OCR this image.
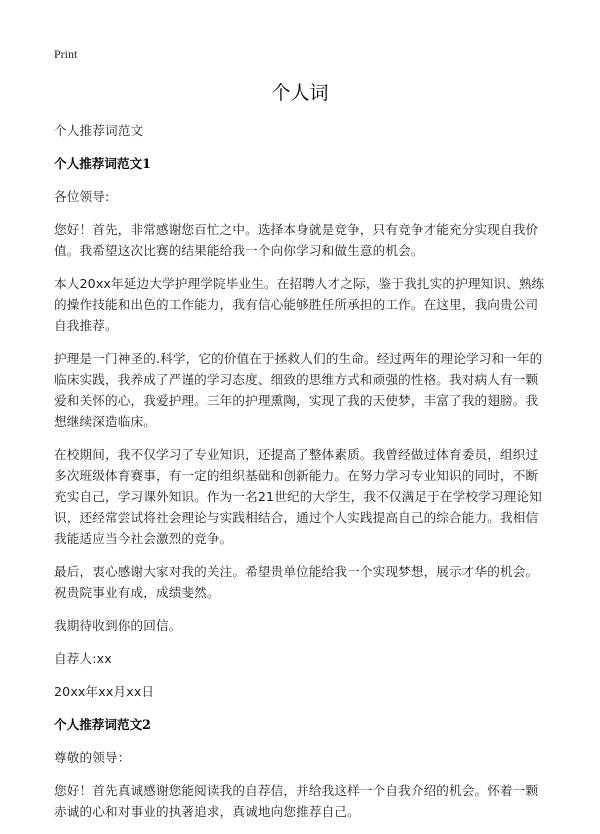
Print
个人词

个人推荐词范文

个人推荐词范文1

各位领导:

您好！首先，非常感谢您百忙之中。选择本身就是竞争，只有竞争才能充分实现自我价值。我希望这次比赛的结果能给我一个向你学习和做生意的机会。

本人20xx年延边大学护理学院毕业生。在招聘人才之际，鉴于我扎实的护理知识、熟练的操作技能和出色的工作能力，我有信心能够胜任所承担的工作。在这里，我向贵公司自我推荐。

护理是一门神圣的.科学，它的价值在于拯救人们的生命。经过两年的理论学习和一年的临床实践，我养成了严谨的学习态度、细致的思维方式和顽强的性格。我对病人有一颗爱和关怀的心，我爱护理。三年的护理熏陶，实现了我的天使梦，丰富了我的翅膀。我想继续深造临床。

在校期间，我不仅学习了专业知识，还提高了整体素质。我曾经做过体育委员，组织过多次班级体育赛事，有一定的组织基础和创新能力。在努力学习专业知识的同时，不断充实自己，学习课外知识。作为一名21世纪的大学生，我不仅满足于在学校学习理论知识，还经常尝试将社会理论与实践相结合，通过个人实践提高自己的综合能力。我相信我能适应当今社会激烈的竞争。

最后，衷心感谢大家对我的关注。希望贵单位能给我一个实现梦想，展示才华的机会。祝贵院事业有成，成绩斐然。

我期待收到你的回信。

自荐人:xx

20xx年xx月xx日

个人推荐词范文2

尊敬的领导：

您好！首先真诚感谢您能阅读我的自荐信，并给我这样一个自我介绍的机会。怀着一颗赤诚的心和对事业的执著追求，真诚地向您推荐自己。
